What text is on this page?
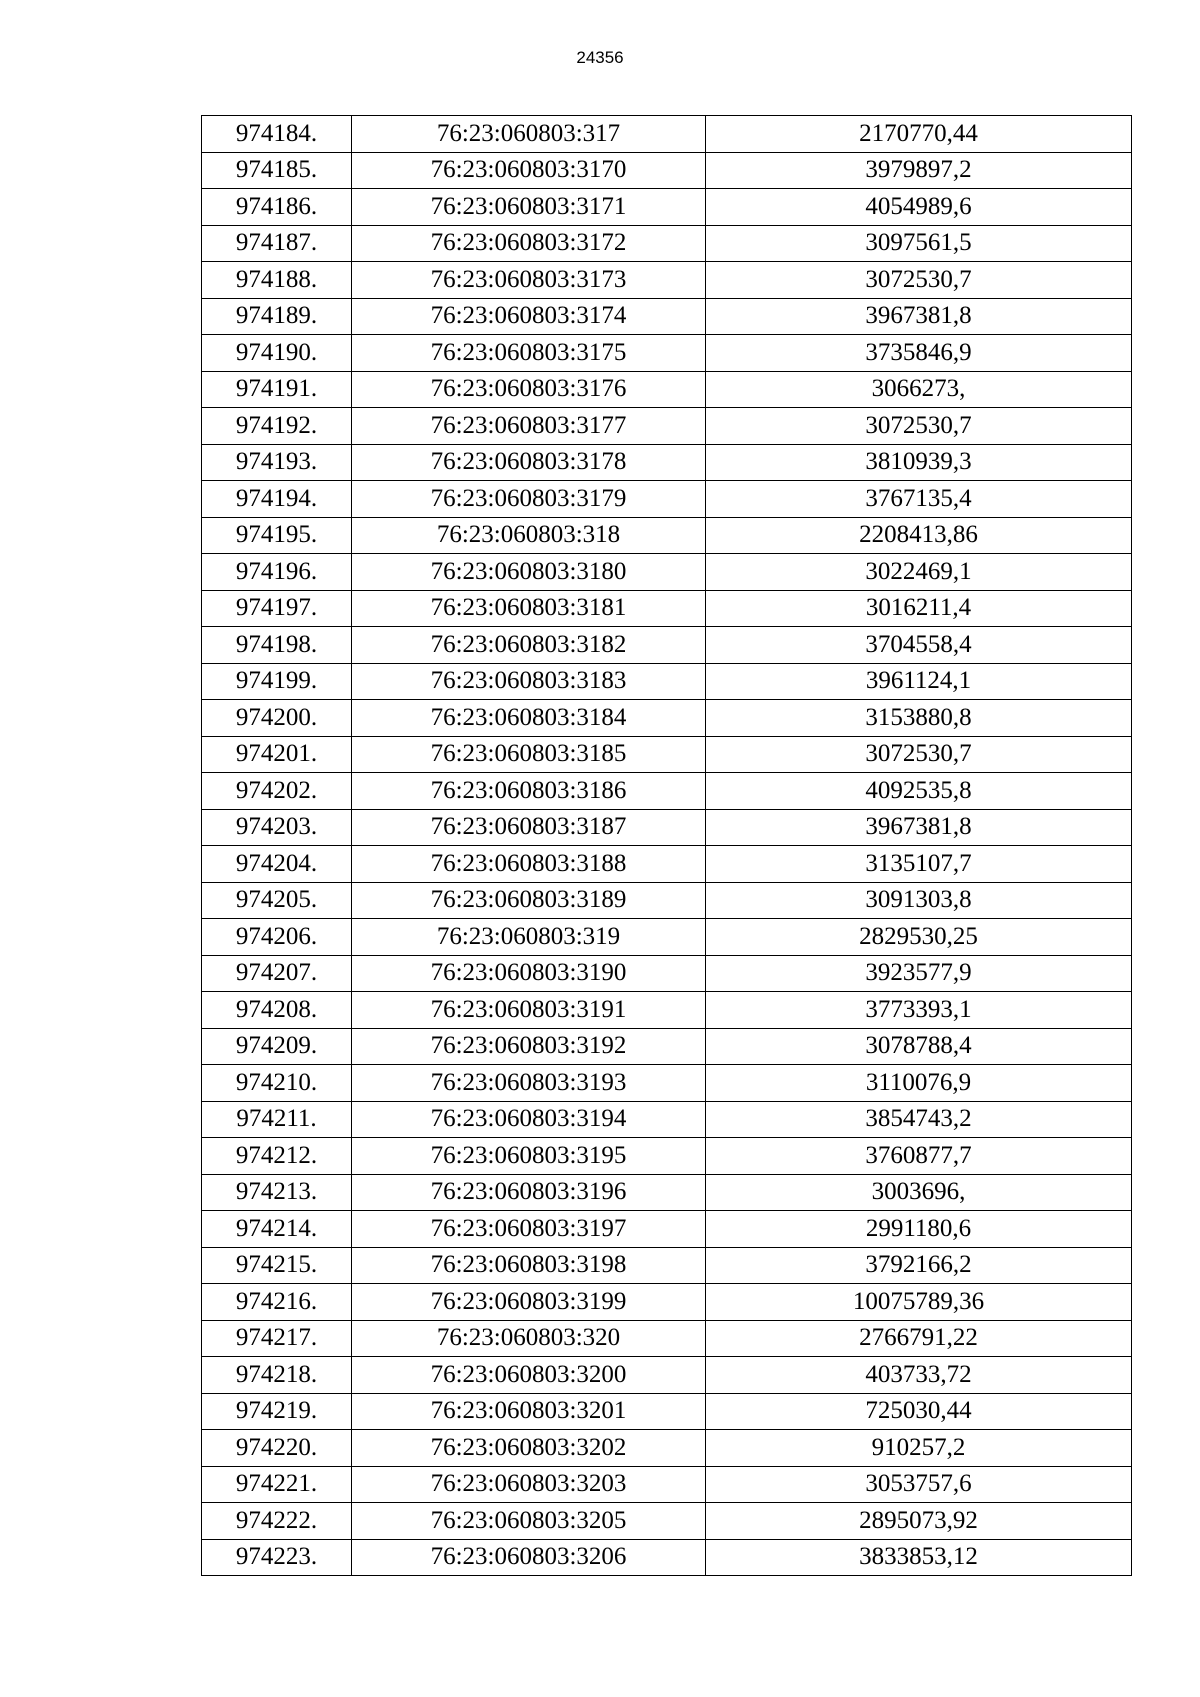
24356
974184.	76:23:060803:317	2170770,44
974185.	76:23:060803:3170	3979897,2
974186.	76:23:060803:3171	4054989,6
974187.	76:23:060803:3172	3097561,5
974188.	76:23:060803:3173	3072530,7
974189.	76:23:060803:3174	3967381,8
974190.	76:23:060803:3175	3735846,9
974191.	76:23:060803:3176	3066273,
974192.	76:23:060803:3177	3072530,7
974193.	76:23:060803:3178	3810939,3
974194.	76:23:060803:3179	3767135,4
974195.	76:23:060803:318	2208413,86
974196.	76:23:060803:3180	3022469,1
974197.	76:23:060803:3181	3016211,4
974198.	76:23:060803:3182	3704558,4
974199.	76:23:060803:3183	3961124,1
974200.	76:23:060803:3184	3153880,8
974201.	76:23:060803:3185	3072530,7
974202.	76:23:060803:3186	4092535,8
974203.	76:23:060803:3187	3967381,8
974204.	76:23:060803:3188	3135107,7
974205.	76:23:060803:3189	3091303,8
974206.	76:23:060803:319	2829530,25
974207.	76:23:060803:3190	3923577,9
974208.	76:23:060803:3191	3773393,1
974209.	76:23:060803:3192	3078788,4
974210.	76:23:060803:3193	3110076,9
974211.	76:23:060803:3194	3854743,2
974212.	76:23:060803:3195	3760877,7
974213.	76:23:060803:3196	3003696,
974214.	76:23:060803:3197	2991180,6
974215.	76:23:060803:3198	3792166,2
974216.	76:23:060803:3199	10075789,36
974217.	76:23:060803:320	2766791,22
974218.	76:23:060803:3200	403733,72
974219.	76:23:060803:3201	725030,44
974220.	76:23:060803:3202	910257,2
974221.	76:23:060803:3203	3053757,6
974222.	76:23:060803:3205	2895073,92
974223.	76:23:060803:3206	3833853,12
